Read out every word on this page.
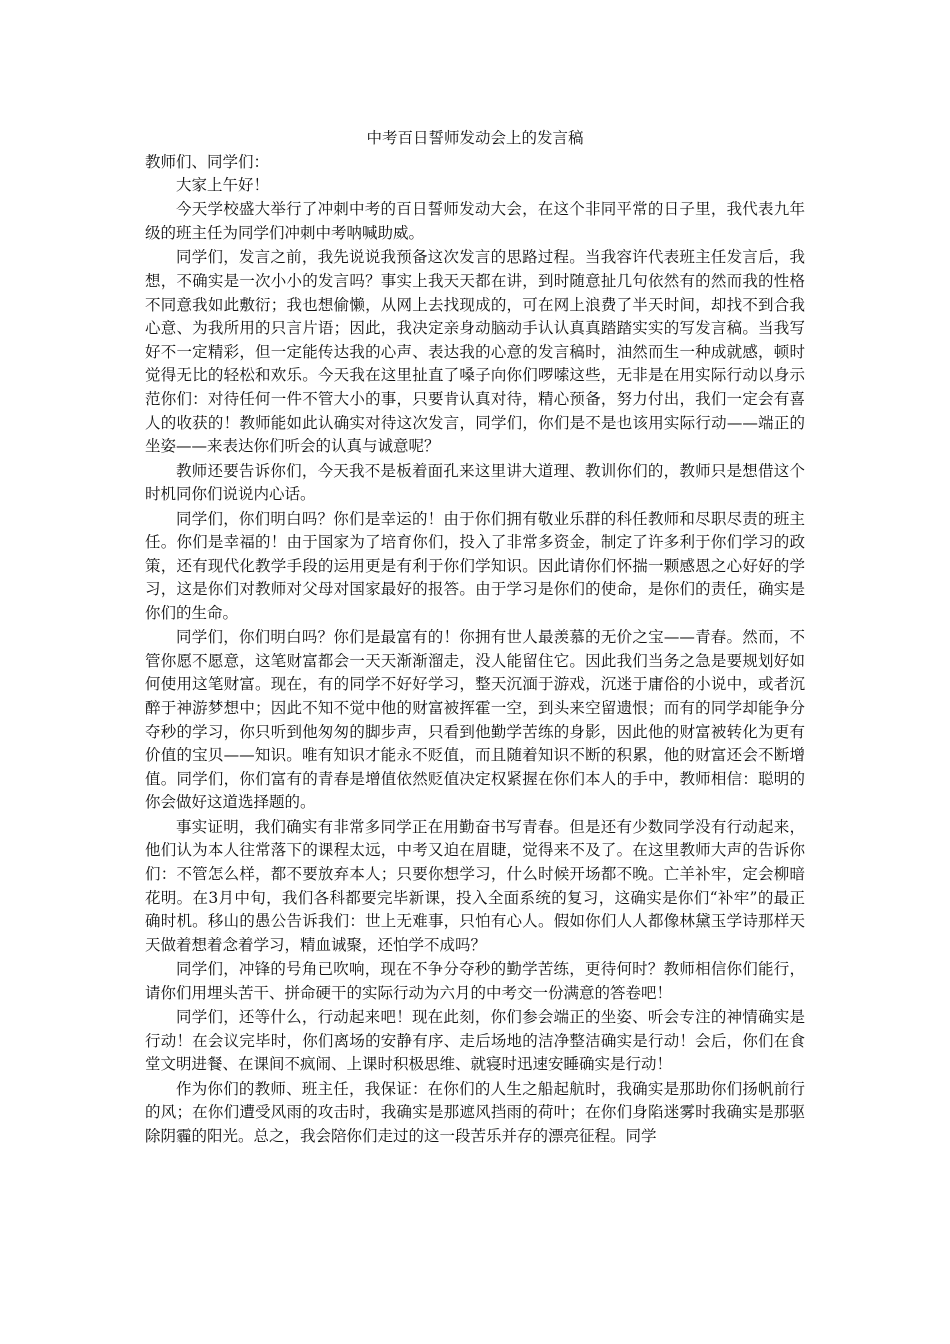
中考百日誓师发动会上的发言稿

教师们、同学们：

大家上午好！

今天学校盛大举行了冲刺中考的百日誓师发动大会，在这个非同平常的日子里，我代表九年级的班主任为同学们冲刺中考呐喊助威。

同学们，发言之前，我先说说我预备这次发言的思路过程。当我容许代表班主任发言后，我想，不确实是一次小小的发言吗？事实上我天天都在讲，到时随意扯几句依然有的然而我的性格不同意我如此敷衍；我也想偷懒，从网上去找现成的，可在网上浪费了半天时间，却找不到合我心意、为我所用的只言片语；因此，我决定亲身动脑动手认认真真踏踏实实的写发言稿。当我写好不一定精彩，但一定能传达我的心声、表达我的心意的发言稿时，油然而生一种成就感，顿时觉得无比的轻松和欢乐。今天我在这里扯直了嗓子向你们啰嗦这些，无非是在用实际行动以身示范你们：对待任何一件不管大小的事，只要肯认真对待，精心预备，努力付出，我们一定会有喜人的收获的！教师能如此认确实对待这次发言，同学们，你们是不是也该用实际行动——端正的坐姿——来表达你们听会的认真与诚意呢？

教师还要告诉你们，今天我不是板着面孔来这里讲大道理、教训你们的，教师只是想借这个时机同你们说说内心话。

同学们，你们明白吗？你们是幸运的！由于你们拥有敬业乐群的科任教师和尽职尽责的班主任。你们是幸福的！由于国家为了培育你们，投入了非常多资金，制定了许多利于你们学习的政策，还有现代化教学手段的运用更是有利于你们学知识。因此请你们怀揣一颗感恩之心好好的学习，这是你们对教师对父母对国家最好的报答。由于学习是你们的使命，是你们的责任，确实是你们的生命。

同学们，你们明白吗？你们是最富有的！你拥有世人最羡慕的无价之宝——青春。然而，不管你愿不愿意，这笔财富都会一天天渐渐溜走，没人能留住它。因此我们当务之急是要规划好如何使用这笔财富。现在，有的同学不好好学习，整天沉湎于游戏，沉迷于庸俗的小说中，或者沉醉于神游梦想中；因此不知不觉中他的财富被挥霍一空，到头来空留遗恨；而有的同学却能争分夺秒的学习，你只听到他匆匆的脚步声，只看到他勤学苦练的身影，因此他的财富被转化为更有价值的宝贝——知识。唯有知识才能永不贬值，而且随着知识不断的积累，他的财富还会不断增值。同学们，你们富有的青春是增值依然贬值决定权紧握在你们本人的手中，教师相信：聪明的你会做好这道选择题的。

事实证明，我们确实有非常多同学正在用勤奋书写青春。但是还有少数同学没有行动起来，他们认为本人往常落下的课程太远，中考又迫在眉睫，觉得来不及了。在这里教师大声的告诉你们：不管怎么样，都不要放弃本人；只要你想学习，什么时候开场都不晚。亡羊补牢，定会柳暗花明。在3月中旬，我们各科都要完毕新课，投入全面系统的复习，这确实是你们“补牢”的最正确时机。移山的愚公告诉我们：世上无难事，只怕有心人。假如你们人人都像林黛玉学诗那样天天做着想着念着学习，精血诚聚，还怕学不成吗？

同学们，冲锋的号角已吹响，现在不争分夺秒的勤学苦练，更待何时？教师相信你们能行，请你们用埋头苦干、拼命硬干的实际行动为六月的中考交一份满意的答卷吧！

同学们，还等什么，行动起来吧！现在此刻，你们参会端正的坐姿、听会专注的神情确实是行动！在会议完毕时，你们离场的安静有序、走后场地的洁净整洁确实是行动！会后，你们在食堂文明进餐、在课间不疯闹、上课时积极思维、就寝时迅速安睡确实是行动！

作为你们的教师、班主任，我保证：在你们的人生之船起航时，我确实是那助你们扬帆前行的风；在你们遭受风雨的攻击时，我确实是那遮风挡雨的荷叶；在你们身陷迷雾时我确实是那驱除阴霾的阳光。总之，我会陪你们走过的这一段苦乐并存的漂亮征程。同学
